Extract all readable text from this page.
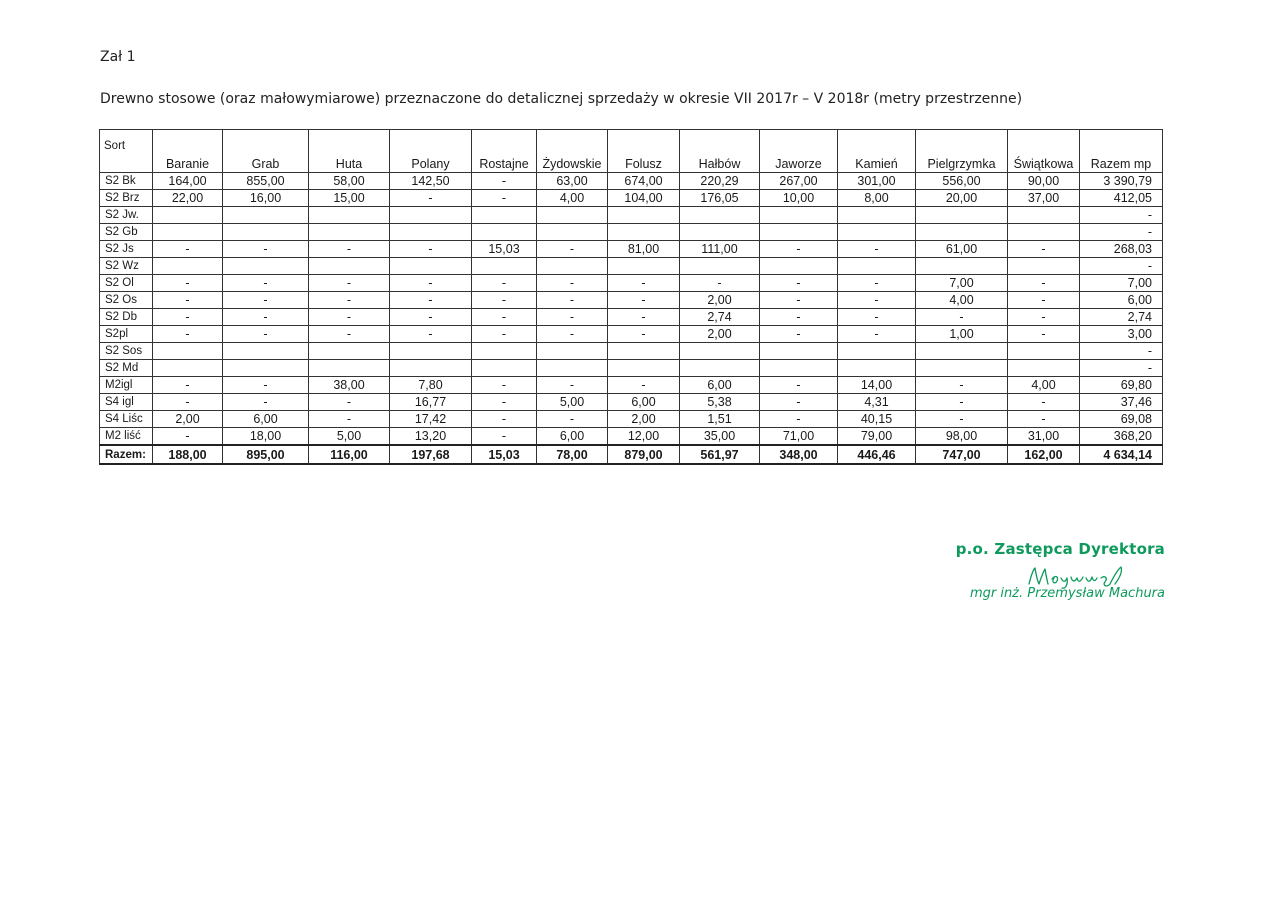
Zał 1
Drewno stosowe (oraz małowymiarowe) przeznaczone do detalicznej sprzedaży w okresie VII 2017r – V 2018r (metry przestrzenne)
Sort	Baranie	Grab	Huta	Polany	Rostajne	Żydowskie	Folusz	Hałbów	Jaworze	Kamień	Pielgrzymka	Świątkowa	Razem mp
S2 Bk	164,00	855,00	58,00	142,50	-	63,00	674,00	220,29	267,00	301,00	556,00	90,00	3 390,79
S2 Brz	22,00	16,00	15,00	-	-	4,00	104,00	176,05	10,00	8,00	20,00	37,00	412,05
S2 Jw.													-
S2 Gb													-
S2 Js	-	-	-	-	15,03	-	81,00	111,00	-	-	61,00	-	268,03
S2 Wz													-
S2 Ol	-	-	-	-	-	-	-	-	-	-	7,00	-	7,00
S2 Os	-	-	-	-	-	-	-	2,00	-	-	4,00	-	6,00
S2 Db	-	-	-	-	-	-	-	2,74	-	-	-	-	2,74
S2pl	-	-	-	-	-	-	-	2,00	-	-	1,00	-	3,00
S2 Sos													-
S2 Md													-
M2igl	-	-	38,00	7,80	-	-	-	6,00	-	14,00	-	4,00	69,80
S4 igl	-	-	-	16,77	-	5,00	6,00	5,38	-	4,31	-	-	37,46
S4 Liśc	2,00	6,00	-	17,42	-	-	2,00	1,51	-	40,15	-	-	69,08
M2 liść	-	18,00	5,00	13,20	-	6,00	12,00	35,00	71,00	79,00	98,00	31,00	368,20
Razem:	188,00	895,00	116,00	197,68	15,03	78,00	879,00	561,97	348,00	446,46	747,00	162,00	4 634,14
p.o. Zastępca Dyrektora
mgr inż. Przemysław Machura
